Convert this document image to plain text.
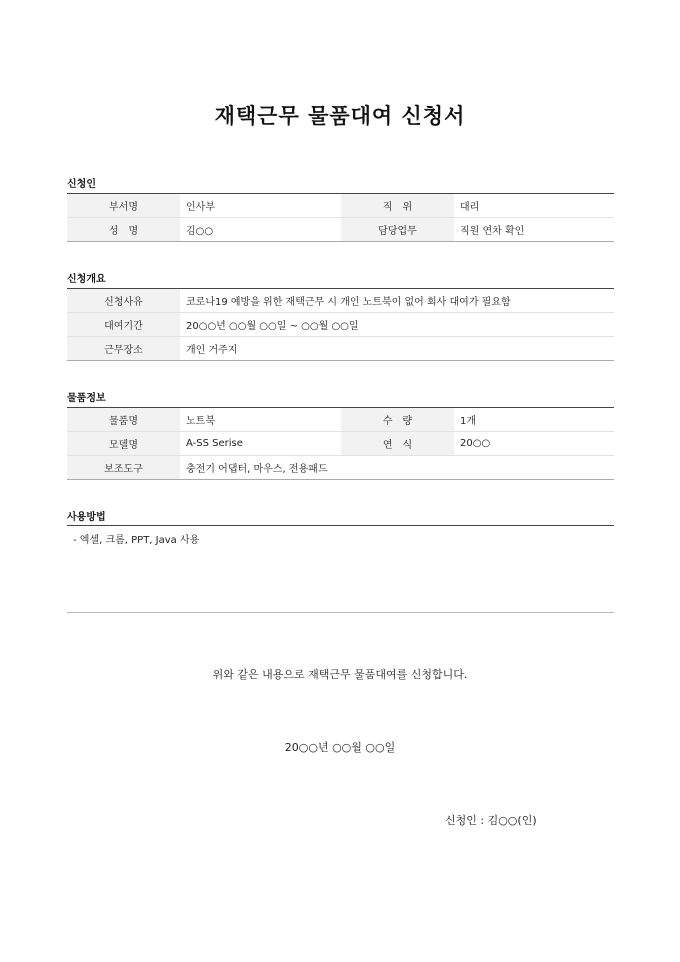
재택근무 물품대여 신청서
신청인
부서명	인사부	직　위	대리
성　명	김○○	담당업무	직원 연차 확인
신청개요
신청사유	코로나19 예방을 위한 재택근무 시 개인 노트북이 없어 회사 대여가 필요함
대여기간	20○○년 ○○월 ○○일 ~ ○○월 ○○일
근무장소	개인 거주지
물품정보
물품명	노트북	수　량	1개
모델명	A-SS Serise	연　식	20○○
보조도구	충전기 어댑터, 마우스, 전용패드		
사용방법
- 엑셀, 크롬, PPT, Java 사용
위와 같은 내용으로 재택근무 물품대여를 신청합니다.
20○○년 ○○월 ○○일
신청인 : 김○○(인)
